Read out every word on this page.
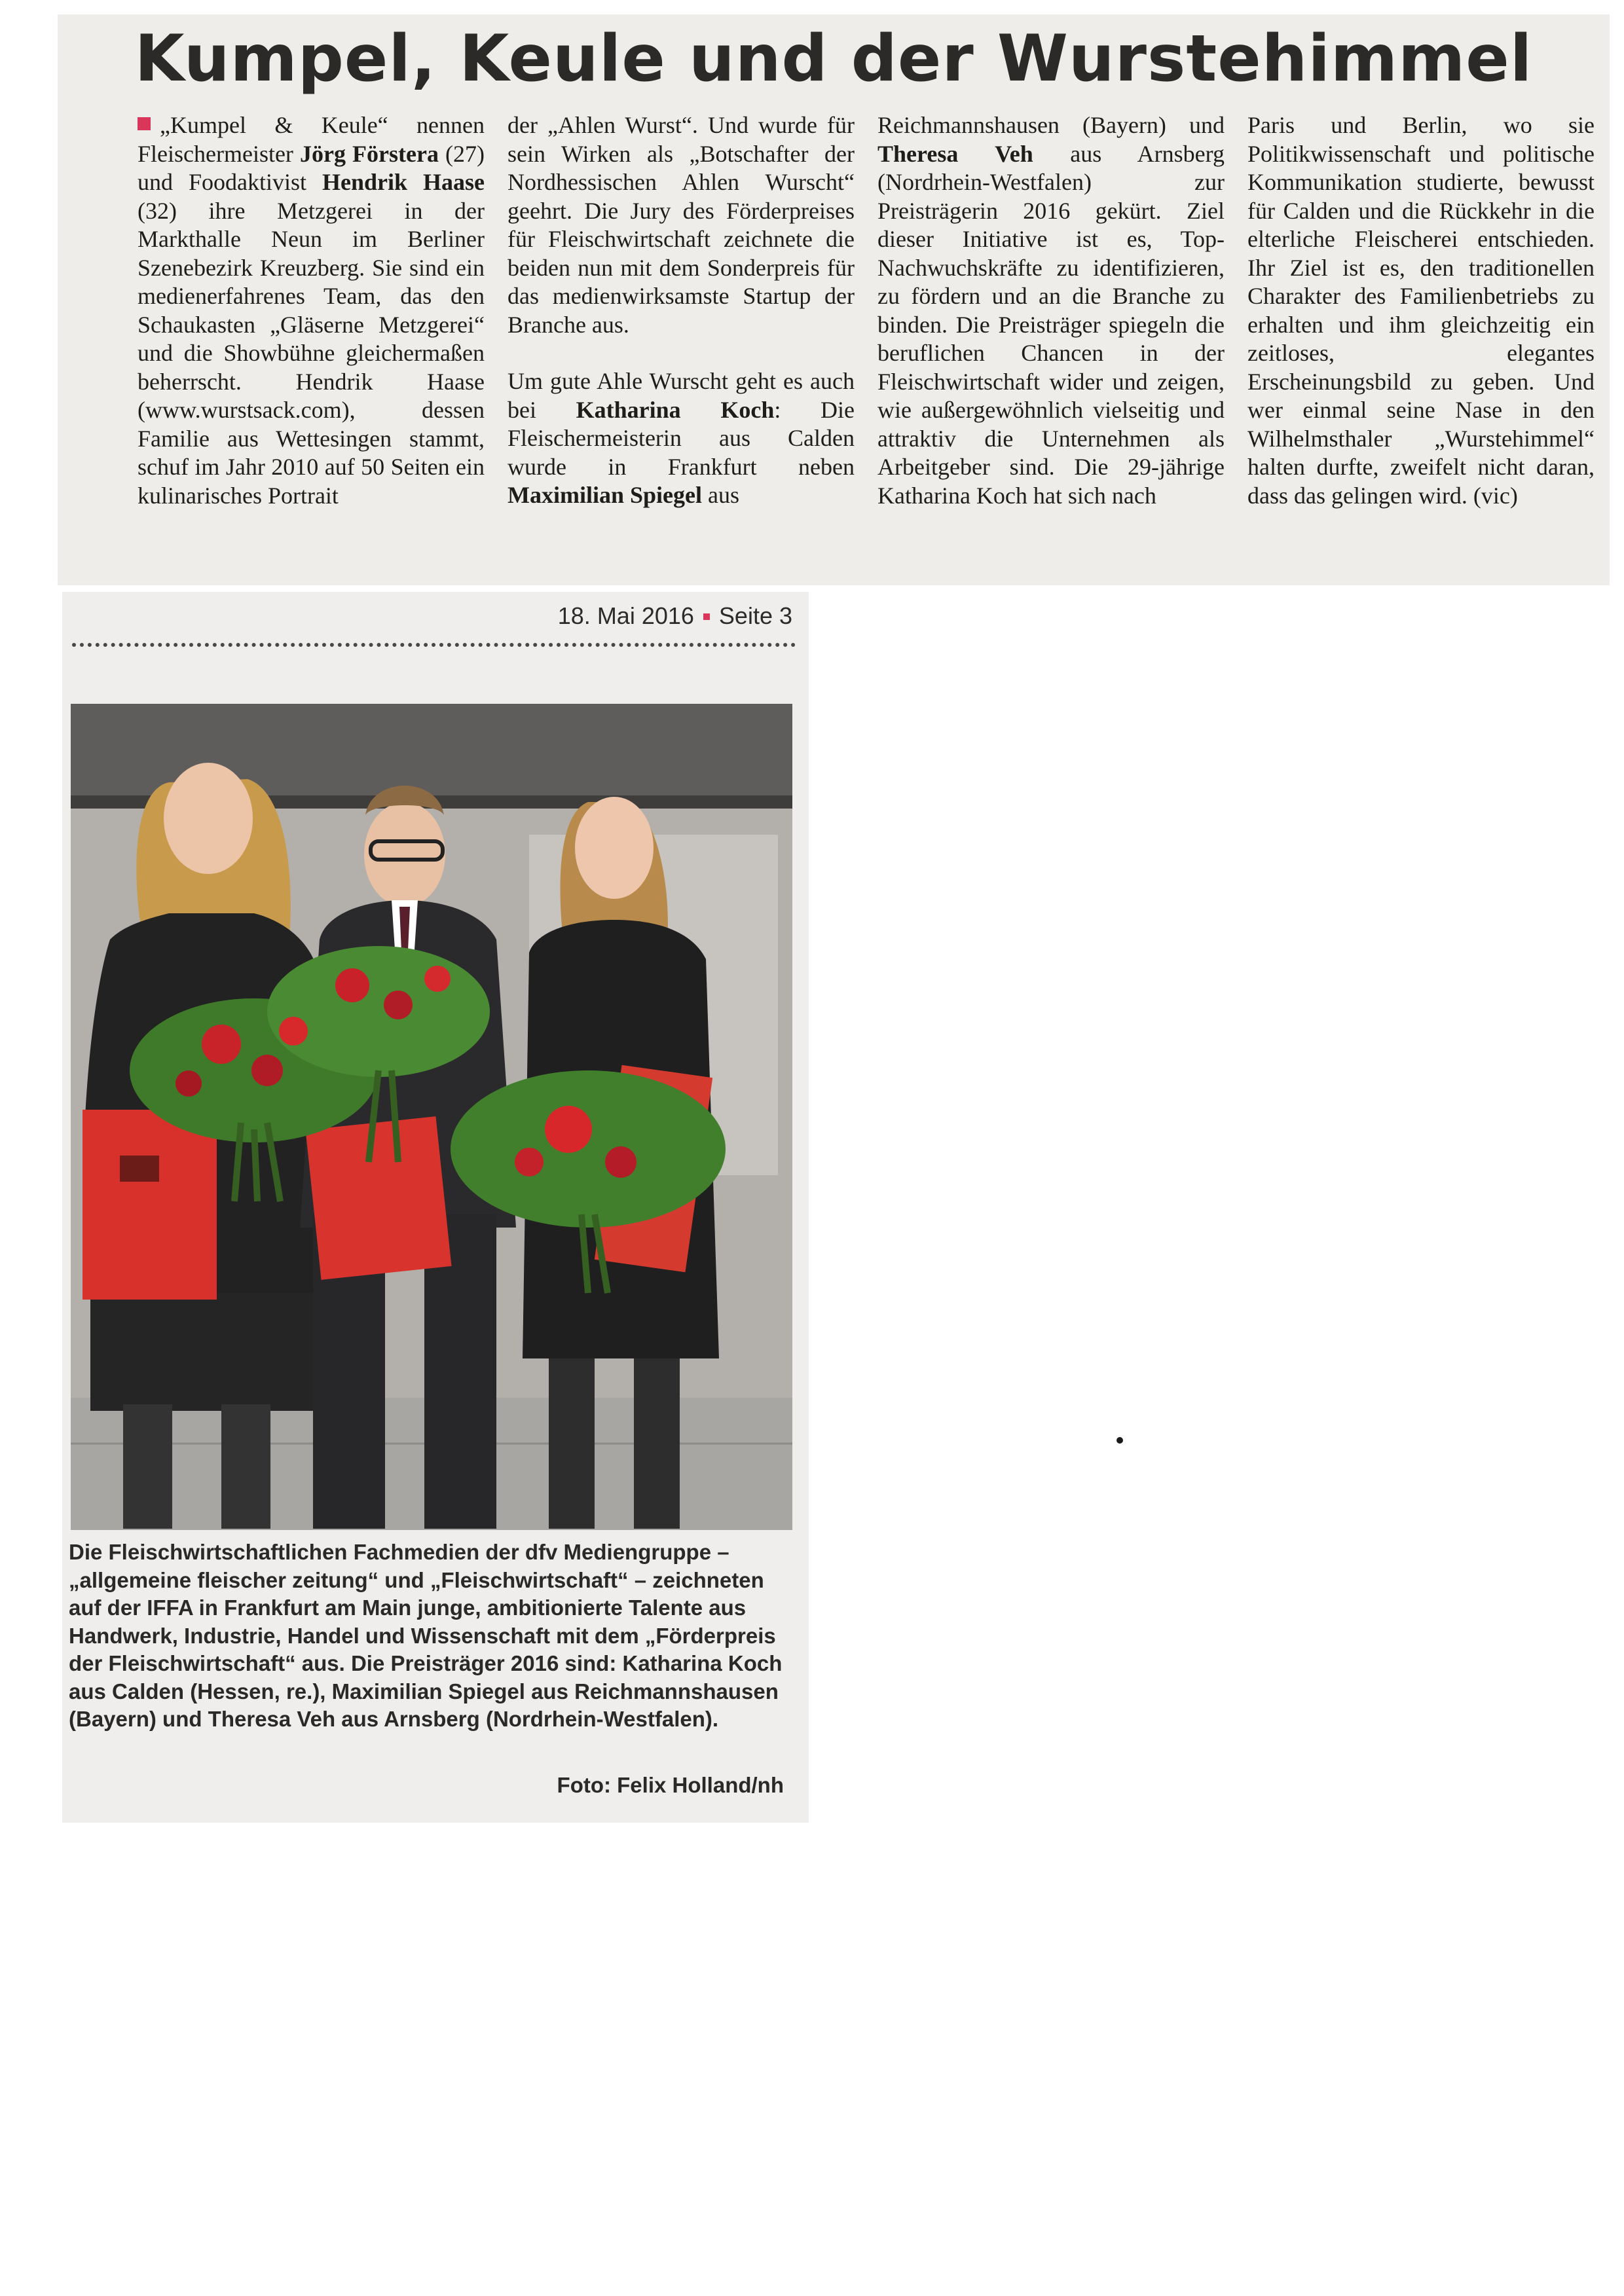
Kumpel, Keule und der Wurstehimmel

„Kumpel & Keule“ nennen Fleischermeister Jörg Förstera (27) und Foodaktivist Hendrik Haase (32) ihre Metzgerei in der Markthalle Neun im Berliner Szenebezirk Kreuzberg. Sie sind ein medienerfahrenes Team, das den Schaukasten „Gläserne Metzgerei“ und die Showbühne gleichermaßen beherrscht. Hendrik Haase (www.wurstsack.com), dessen Familie aus Wettesingen stammt, schuf im Jahr 2010 auf 50 Seiten ein kulinarisches Portrait

der „Ahlen Wurst“. Und wurde für sein Wirken als „Botschafter der Nordhessischen Ahlen Wurscht“ geehrt. Die Jury des Förderpreises für Fleischwirtschaft zeichnete die beiden nun mit dem Sonderpreis für das medienwirksamste Startup der Branche aus.

Um gute Ahle Wurscht geht es auch bei Katharina Koch: Die Fleischermeisterin aus Calden wurde in Frankfurt neben Maximilian Spiegel aus

Reichmannshausen (Bayern) und Theresa Veh aus Arnsberg (Nordrhein-Westfalen) zur Preisträgerin 2016 gekürt. Ziel dieser Initiative ist es, Top-Nachwuchskräfte zu identifizieren, zu fördern und an die Branche zu binden. Die Preisträger spiegeln die beruflichen Chancen in der Fleischwirtschaft wider und zeigen, wie außergewöhnlich vielseitig und attraktiv die Unternehmen als Arbeitgeber sind. Die 29-jährige Katharina Koch hat sich nach

Paris und Berlin, wo sie Politikwissenschaft und politische Kommunikation studierte, bewusst für Calden und die Rückkehr in die elterliche Fleischerei entschieden. Ihr Ziel ist es, den traditionellen Charakter des Familienbetriebs zu erhalten und ihm gleichzeitig ein zeitloses, elegantes Erscheinungsbild zu geben. Und wer einmal seine Nase in den Wilhelmsthaler „Wurstehimmel“ halten durfte, zweifelt nicht daran, dass das gelingen wird. (vic)

18. Mai 2016 Seite 3
Die Fleischwirtschaftlichen Fachmedien der dfv Mediengruppe – „allgemeine fleischer zeitung“ und „Fleischwirtschaft“ – zeichneten auf der IFFA in Frankfurt am Main junge, ambitionierte Talente aus Handwerk, Industrie, Handel und Wissenschaft mit dem „Förderpreis der Fleischwirtschaft“ aus. Die Preisträger 2016 sind: Katharina Koch aus Calden (Hessen, re.), Maximilian Spiegel aus Reichmannshausen (Bayern) und Theresa Veh aus Arnsberg (Nordrhein-Westfalen).
Foto: Felix Holland/nh
